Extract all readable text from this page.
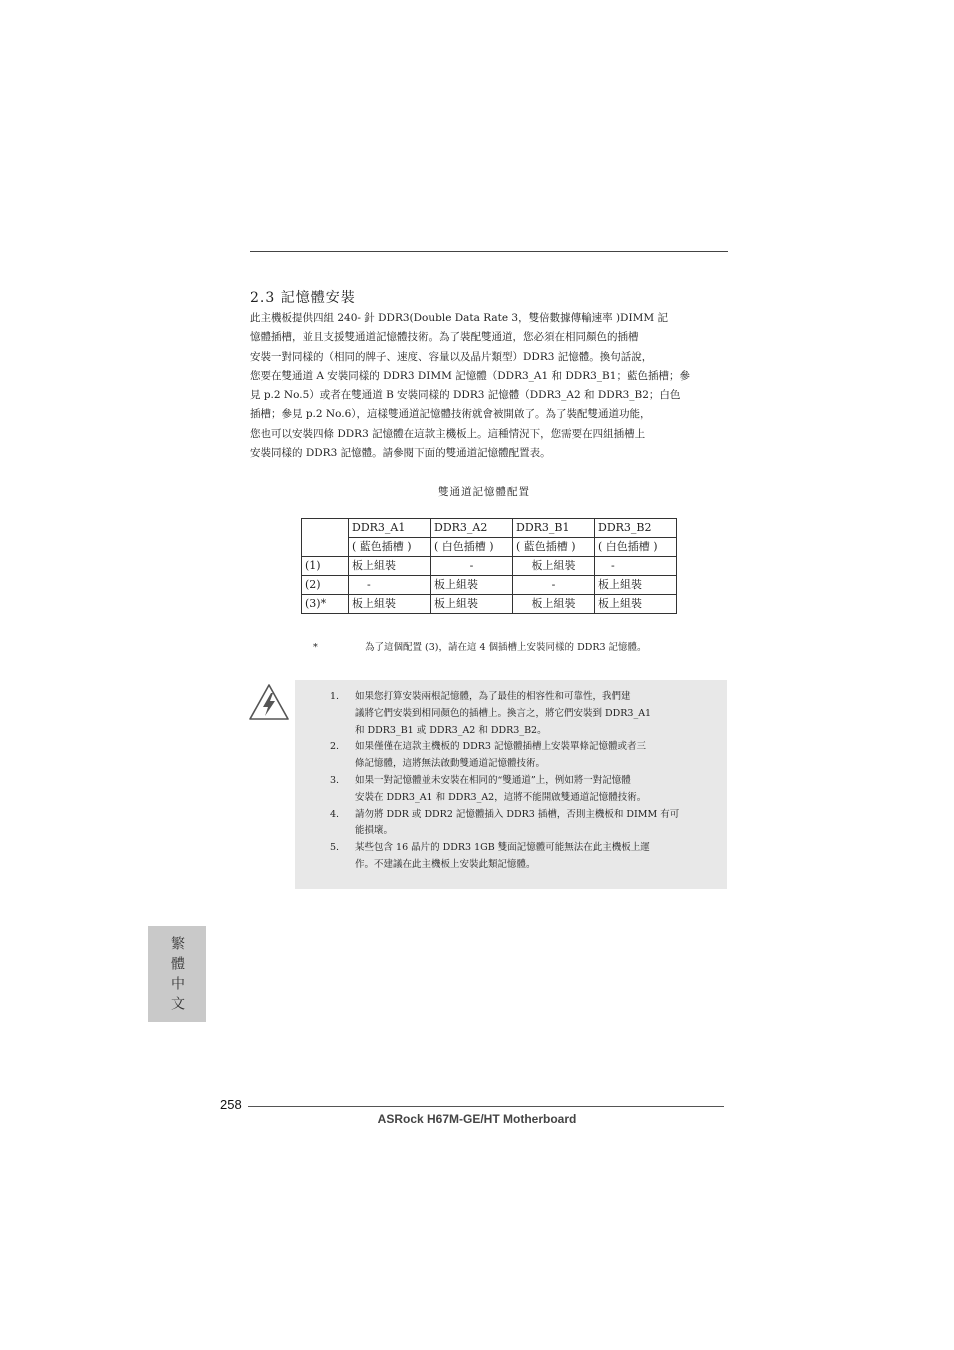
2.3 記憶體安裝
此主機板提供四組 240- 針 DDR3(Double Data Rate 3，雙倍數據傳輸速率 )DIMM 記
憶體插槽，並且支援雙通道記憶體技術。為了裝配雙通道，您必須在相同顏色的插槽
安裝一對同樣的（相同的牌子、速度、容量以及晶片類型）DDR3 記憶體。換句話說，
您要在雙通道 A 安裝同樣的 DDR3 DIMM 記憶體（DDR3_A1 和 DDR3_B1；藍色插槽；參
見 p.2 No.5）或者在雙通道 B 安裝同樣的 DDR3 記憶體（DDR3_A2 和 DDR3_B2；白色
插槽；參見 p.2 No.6），這樣雙通道記憶體技術就會被開啟了。為了裝配雙通道功能，
您也可以安裝四條 DDR3 記憶體在這款主機板上。這種情況下，您需要在四組插槽上
安裝同樣的 DDR3 記憶體。請參閱下面的雙通道記憶體配置表。
雙通道記憶體配置
	DDR3_A1	DDR3_A2	DDR3_B1	DDR3_B2
	( 藍色插槽 )	( 白色插槽 )	( 藍色插槽 )	( 白色插槽 )
(1)	板上組裝	-	板上組裝	-
(2)	-	板上組裝	-	板上組裝
(3)*	板上組裝	板上組裝	板上組裝	板上組裝
*	為了這個配置 (3)，請在這 4 個插槽上安裝同樣的 DDR3 記憶體。
1. 如果您打算安裝兩根記憶體，為了最佳的相容性和可靠性，我們建
議將它們安裝到相同顏色的插槽上。換言之，將它們安裝到 DDR3_A1
和 DDR3_B1 或 DDR3_A2 和 DDR3_B2。
2. 如果僅僅在這款主機板的 DDR3 記憶體插槽上安裝單條記憶體或者三
條記憶體，這將無法啟動雙通道記憶體技術。
3. 如果一對記憶體並未安裝在相同的“雙通道”上，例如將一對記憶體
安裝在 DDR3_A1 和 DDR3_A2，這將不能開啟雙通道記憶體技術。
4. 請勿將 DDR 或 DDR2 記憶體插入 DDR3 插槽，否則主機板和 DIMM 有可
能損壞。
5. 某些包含 16 晶片的 DDR3 1GB 雙面記憶體可能無法在此主機板上運
作。不建議在此主機板上安裝此類記憶體。
繁體中文
258
ASRock H67M-GE/HT Motherboard
